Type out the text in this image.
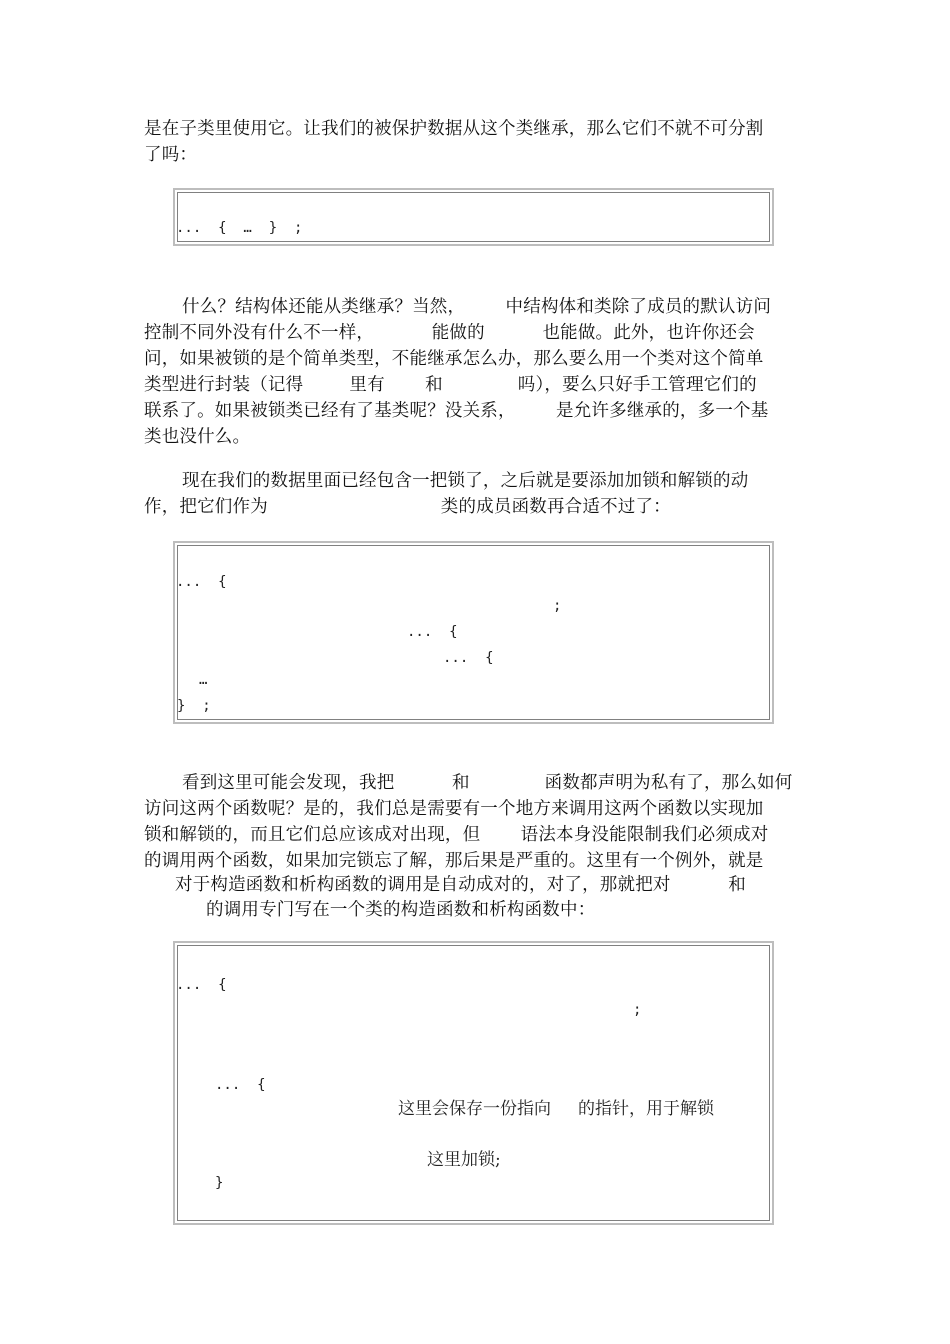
是在子类里使用它。让我们的被保护数据从这个类继承，那么它们不就不可分割
了吗：
...  {  …  }  ;
什么？结构体还能从类继承？当然，       中结构体和类除了成员的默认访问
控制不同外没有什么不一样，          能做的          也能做。此外，也许你还会
问，如果被锁的是个简单类型，不能继承怎么办，那么要么用一个类对这个简单
类型进行封装（记得        里有       和             吗），要么只好手工管理它们的
联系了。如果被锁类已经有了基类呢？没关系，       是允许多继承的，多一个基
类也没什么。
现在我们的数据里面已经包含一把锁了，之后就是要添加加锁和解锁的动
作，把它们作为                              类的成员函数再合适不过了：
...  {
;
...  {
...  {
…
}  ;
看到这里可能会发现，我把          和             函数都声明为私有了，那么如何
访问这两个函数呢？是的，我们总是需要有一个地方来调用这两个函数以实现加
锁和解锁的，而且它们总应该成对出现，但       语法本身没能限制我们必须成对
的调用两个函数，如果加完锁忘了解，那后果是严重的。这里有一个例外，就是
对于构造函数和析构函数的调用是自动成对的，对了，那就把对          和
的调用专门写在一个类的构造函数和析构函数中：
...  {
;
...  {
这里会保存一份指向     的指针，用于解锁
这里加锁;
}
